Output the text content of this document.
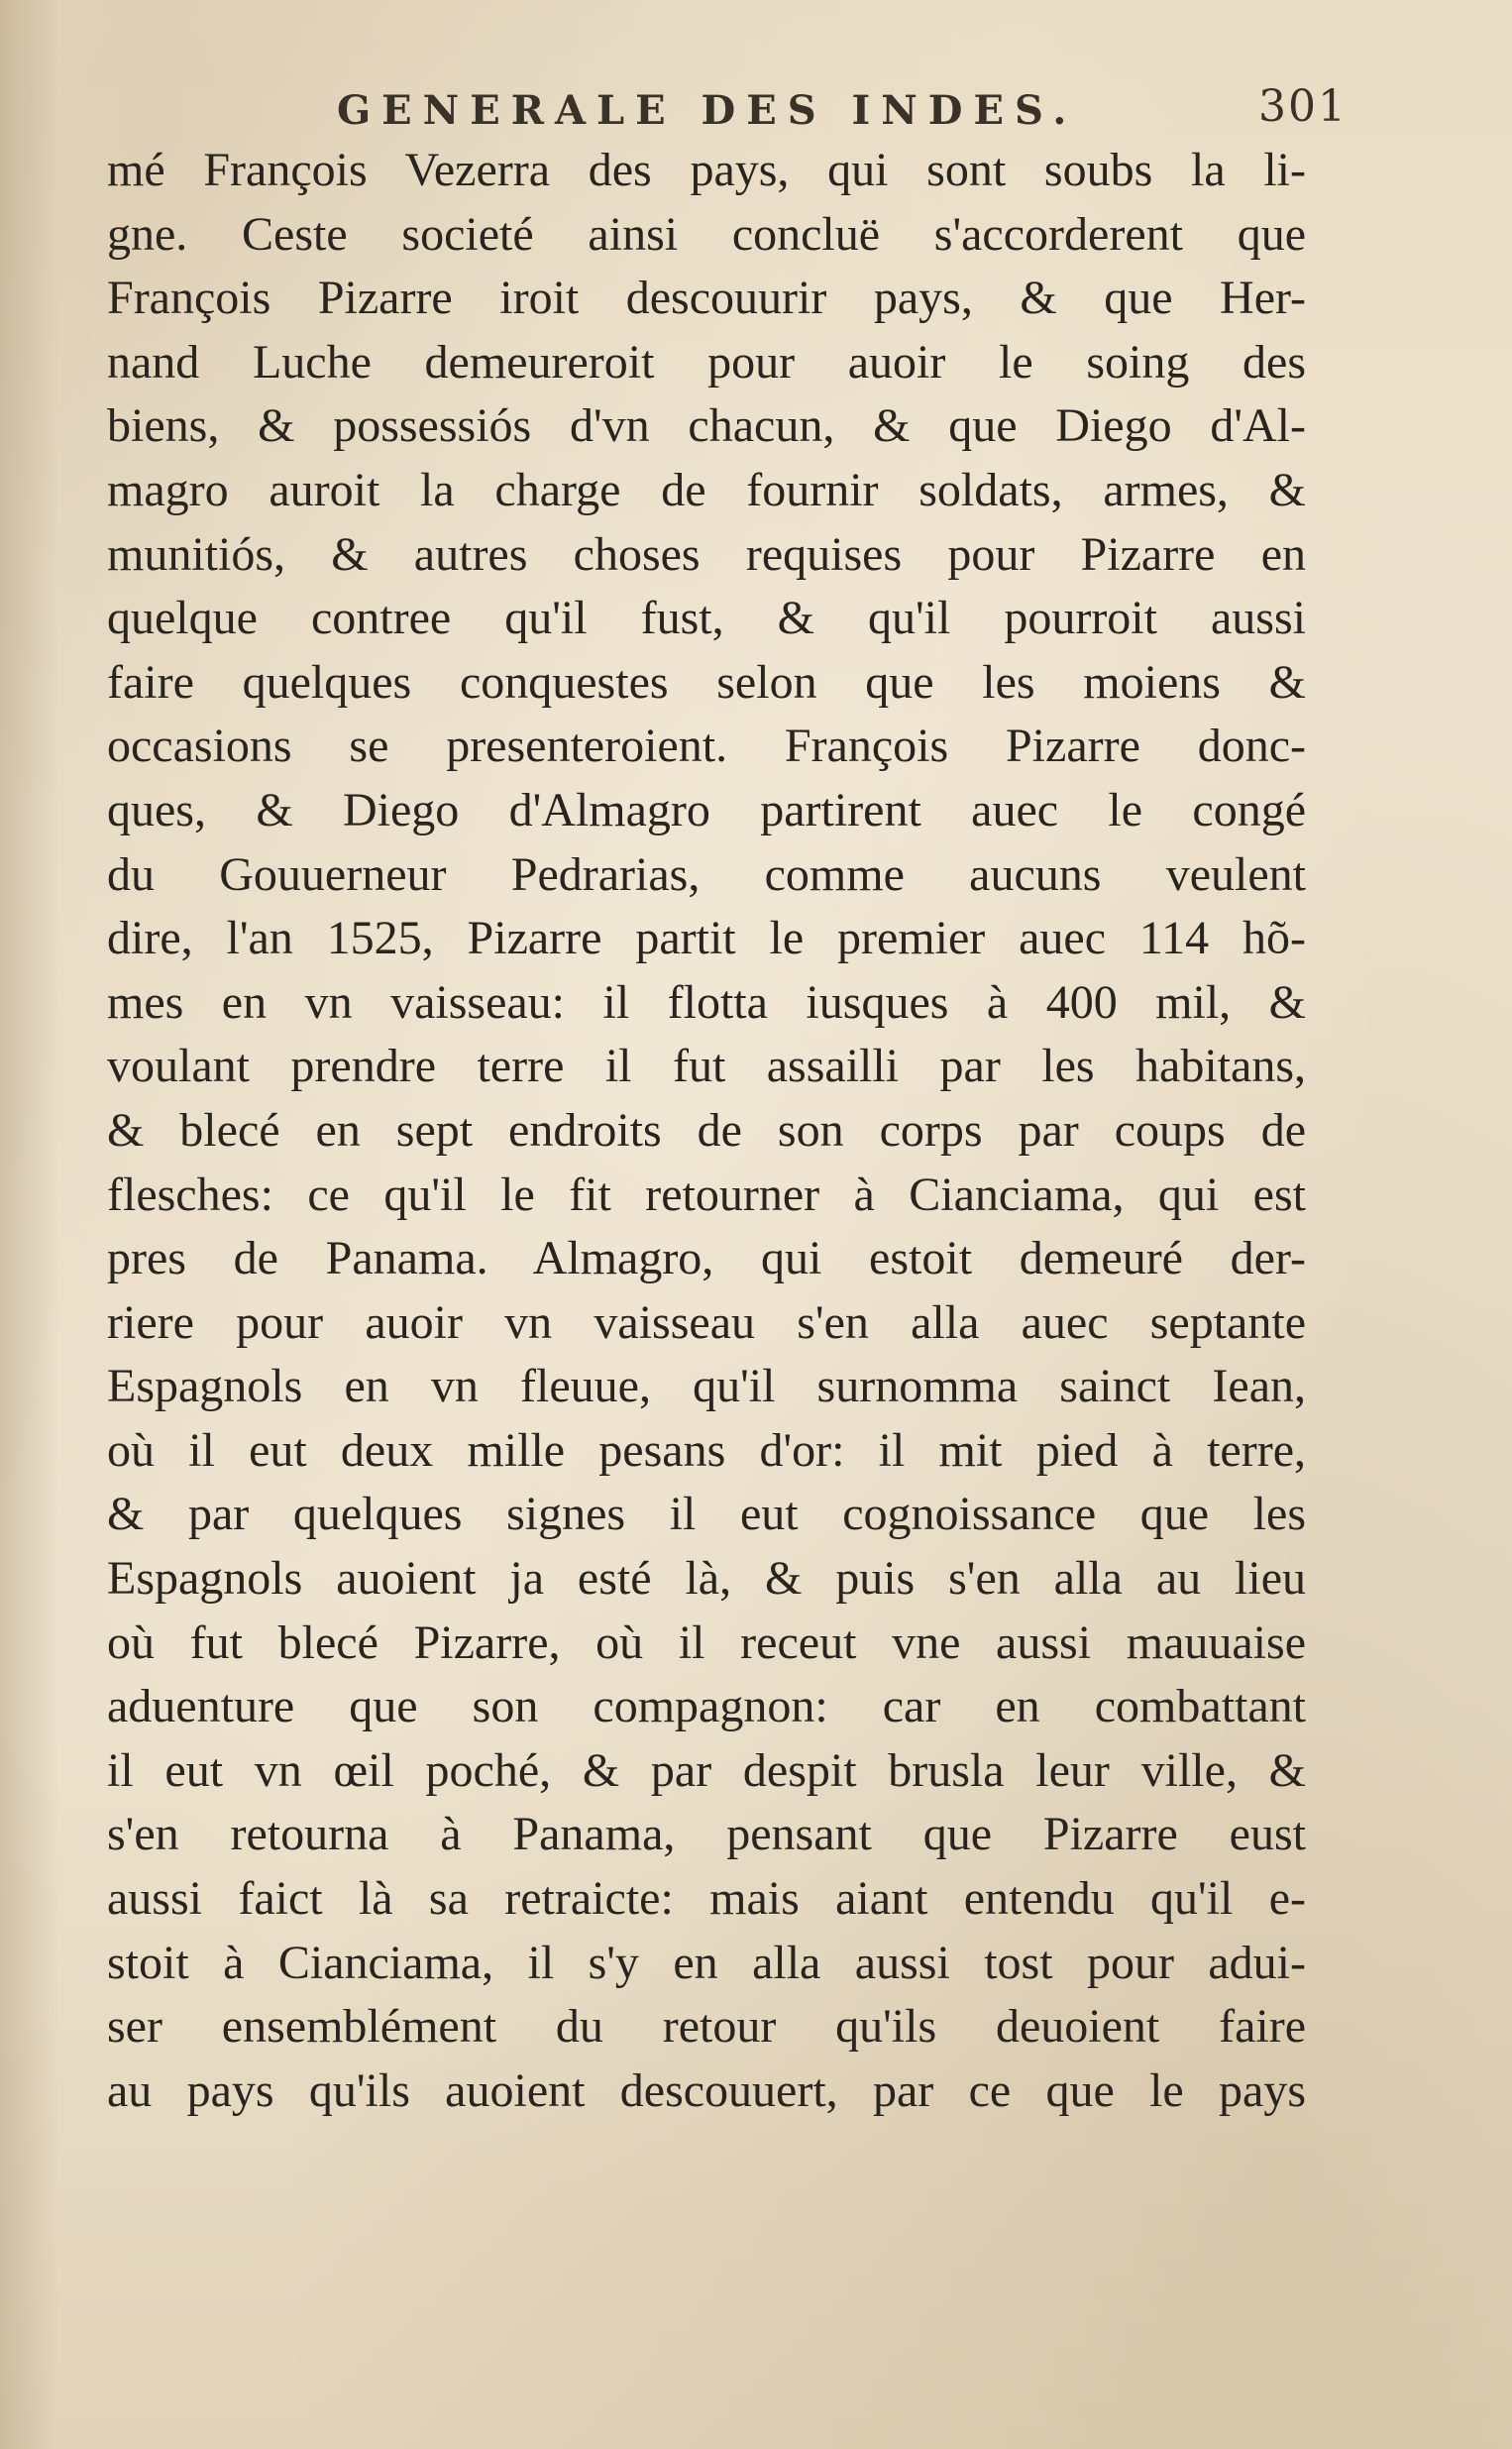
GENERALE DES INDES.	301
mé François Vezerra des pays, qui sont soubs la li-
gne. Ceste societé ainsi concluë s'accorderent que
François Pizarre iroit descouurir pays, & que Her-
nand Luche demeureroit pour auoir le soing des
biens, & possessiós d'vn chacun, & que Diego d'Al-
magro auroit la charge de fournir soldats, armes, &
munitiós, & autres choses requises pour Pizarre en
quelque contree qu'il fust, & qu'il pourroit aussi
faire quelques conquestes selon que les moiens &
occasions se presenteroient. François Pizarre donc-
ques, & Diego d'Almagro partirent auec le congé
du Gouuerneur Pedrarias, comme aucuns veulent
dire, l'an 1525, Pizarre partit le premier auec 114 hõ-
mes en vn vaisseau: il flotta iusques à 400 mil, &
voulant prendre terre il fut assailli par les habitans,
& blecé en sept endroits de son corps par coups de
flesches: ce qu'il le fit retourner à Cianciama, qui est
pres de Panama. Almagro, qui estoit demeuré der-
riere pour auoir vn vaisseau s'en alla auec septante
Espagnols en vn fleuue, qu'il surnomma sainct Iean,
où il eut deux mille pesans d'or: il mit pied à terre,
& par quelques signes il eut cognoissance que les
Espagnols auoient ja esté là, & puis s'en alla au lieu
où fut blecé Pizarre, où il receut vne aussi mauuaise
aduenture que son compagnon: car en combattant
il eut vn œil poché, & par despit brusla leur ville, &
s'en retourna à Panama, pensant que Pizarre eust
aussi faict là sa retraicte: mais aiant entendu qu'il e-
stoit à Cianciama, il s'y en alla aussi tost pour adui-
ser ensemblément du retour qu'ils deuoient faire
au pays qu'ils auoient descouuert, par ce que le pays
